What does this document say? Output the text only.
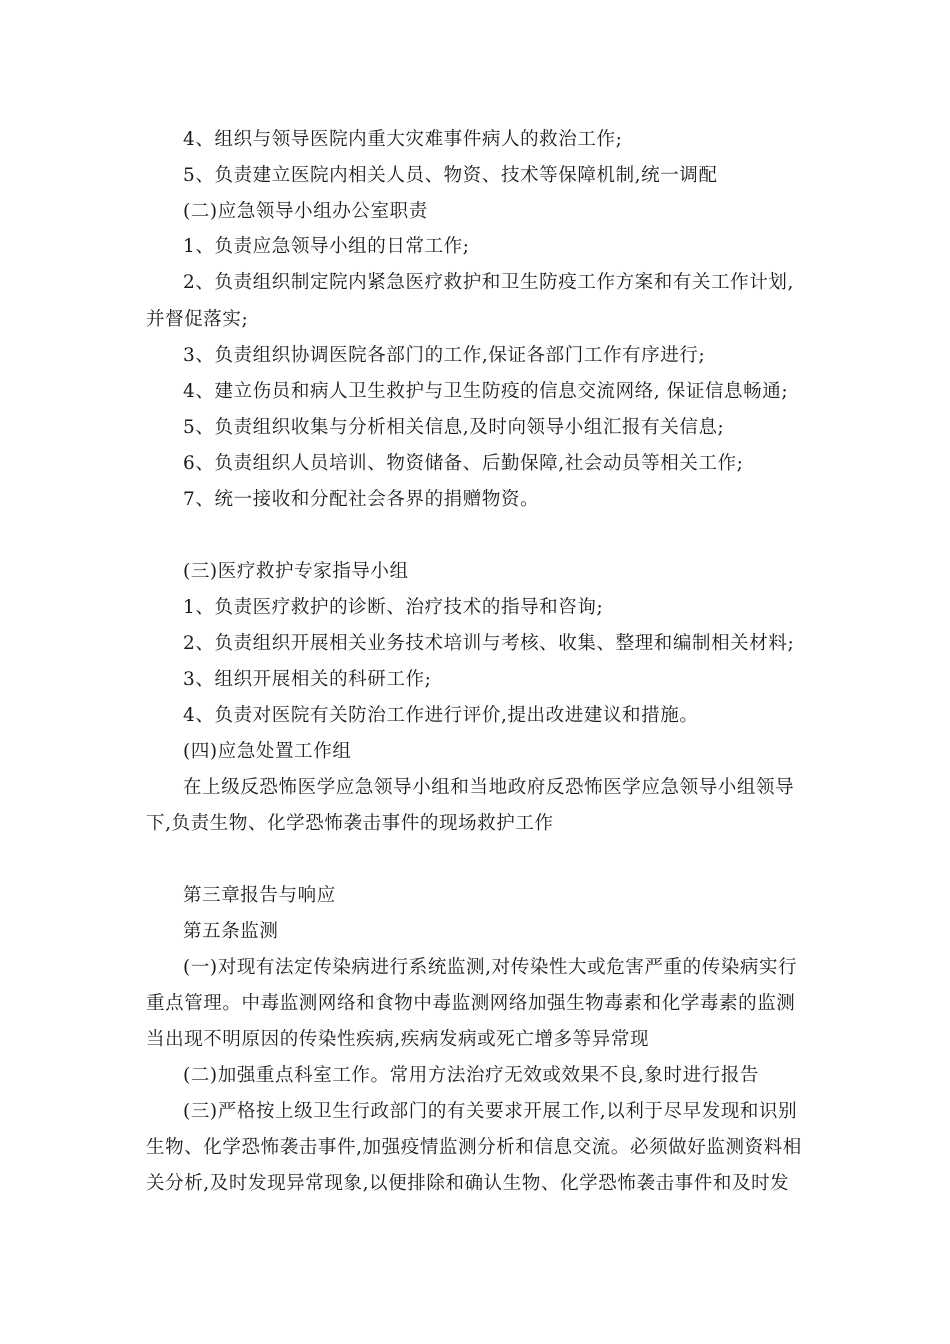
4、组织与领导医院内重大灾难事件病人的救治工作;
5、负责建立医院内相关人员、物资、技术等保障机制,统一调配
(二)应急领导小组办公室职责
1、负责应急领导小组的日常工作;
2、负责组织制定院内紧急医疗救护和卫生防疫工作方案和有关工作计划,
并督促落实;
3、负责组织协调医院各部门的工作,保证各部门工作有序进行;
4、建立伤员和病人卫生救护与卫生防疫的信息交流网络, 保证信息畅通;
5、负责组织收集与分析相关信息,及时向领导小组汇报有关信息;
6、负责组织人员培训、物资储备、后勤保障,社会动员等相关工作;
7、统一接收和分配社会各界的捐赠物资。
(三)医疗救护专家指导小组
1、负责医疗救护的诊断、治疗技术的指导和咨询;
2、负责组织开展相关业务技术培训与考核、收集、整理和编制相关材料;
3、组织开展相关的科研工作;
4、负责对医院有关防治工作进行评价,提出改进建议和措施。
(四)应急处置工作组
在上级反恐怖医学应急领导小组和当地政府反恐怖医学应急领导小组领导
下,负责生物、化学恐怖袭击事件的现场救护工作
第三章报告与响应
第五条监测
(一)对现有法定传染病进行系统监测,对传染性大或危害严重的传染病实行
重点管理。中毒监测网络和食物中毒监测网络加强生物毒素和化学毒素的监测
当出现不明原因的传染性疾病,疾病发病或死亡增多等异常现
(二)加强重点科室工作。常用方法治疗无效或效果不良,象时进行报告
(三)严格按上级卫生行政部门的有关要求开展工作,以利于尽早发现和识别
生物、化学恐怖袭击事件,加强疫情监测分析和信息交流。必须做好监测资料相
关分析,及时发现异常现象,以便排除和确认生物、化学恐怖袭击事件和及时发
